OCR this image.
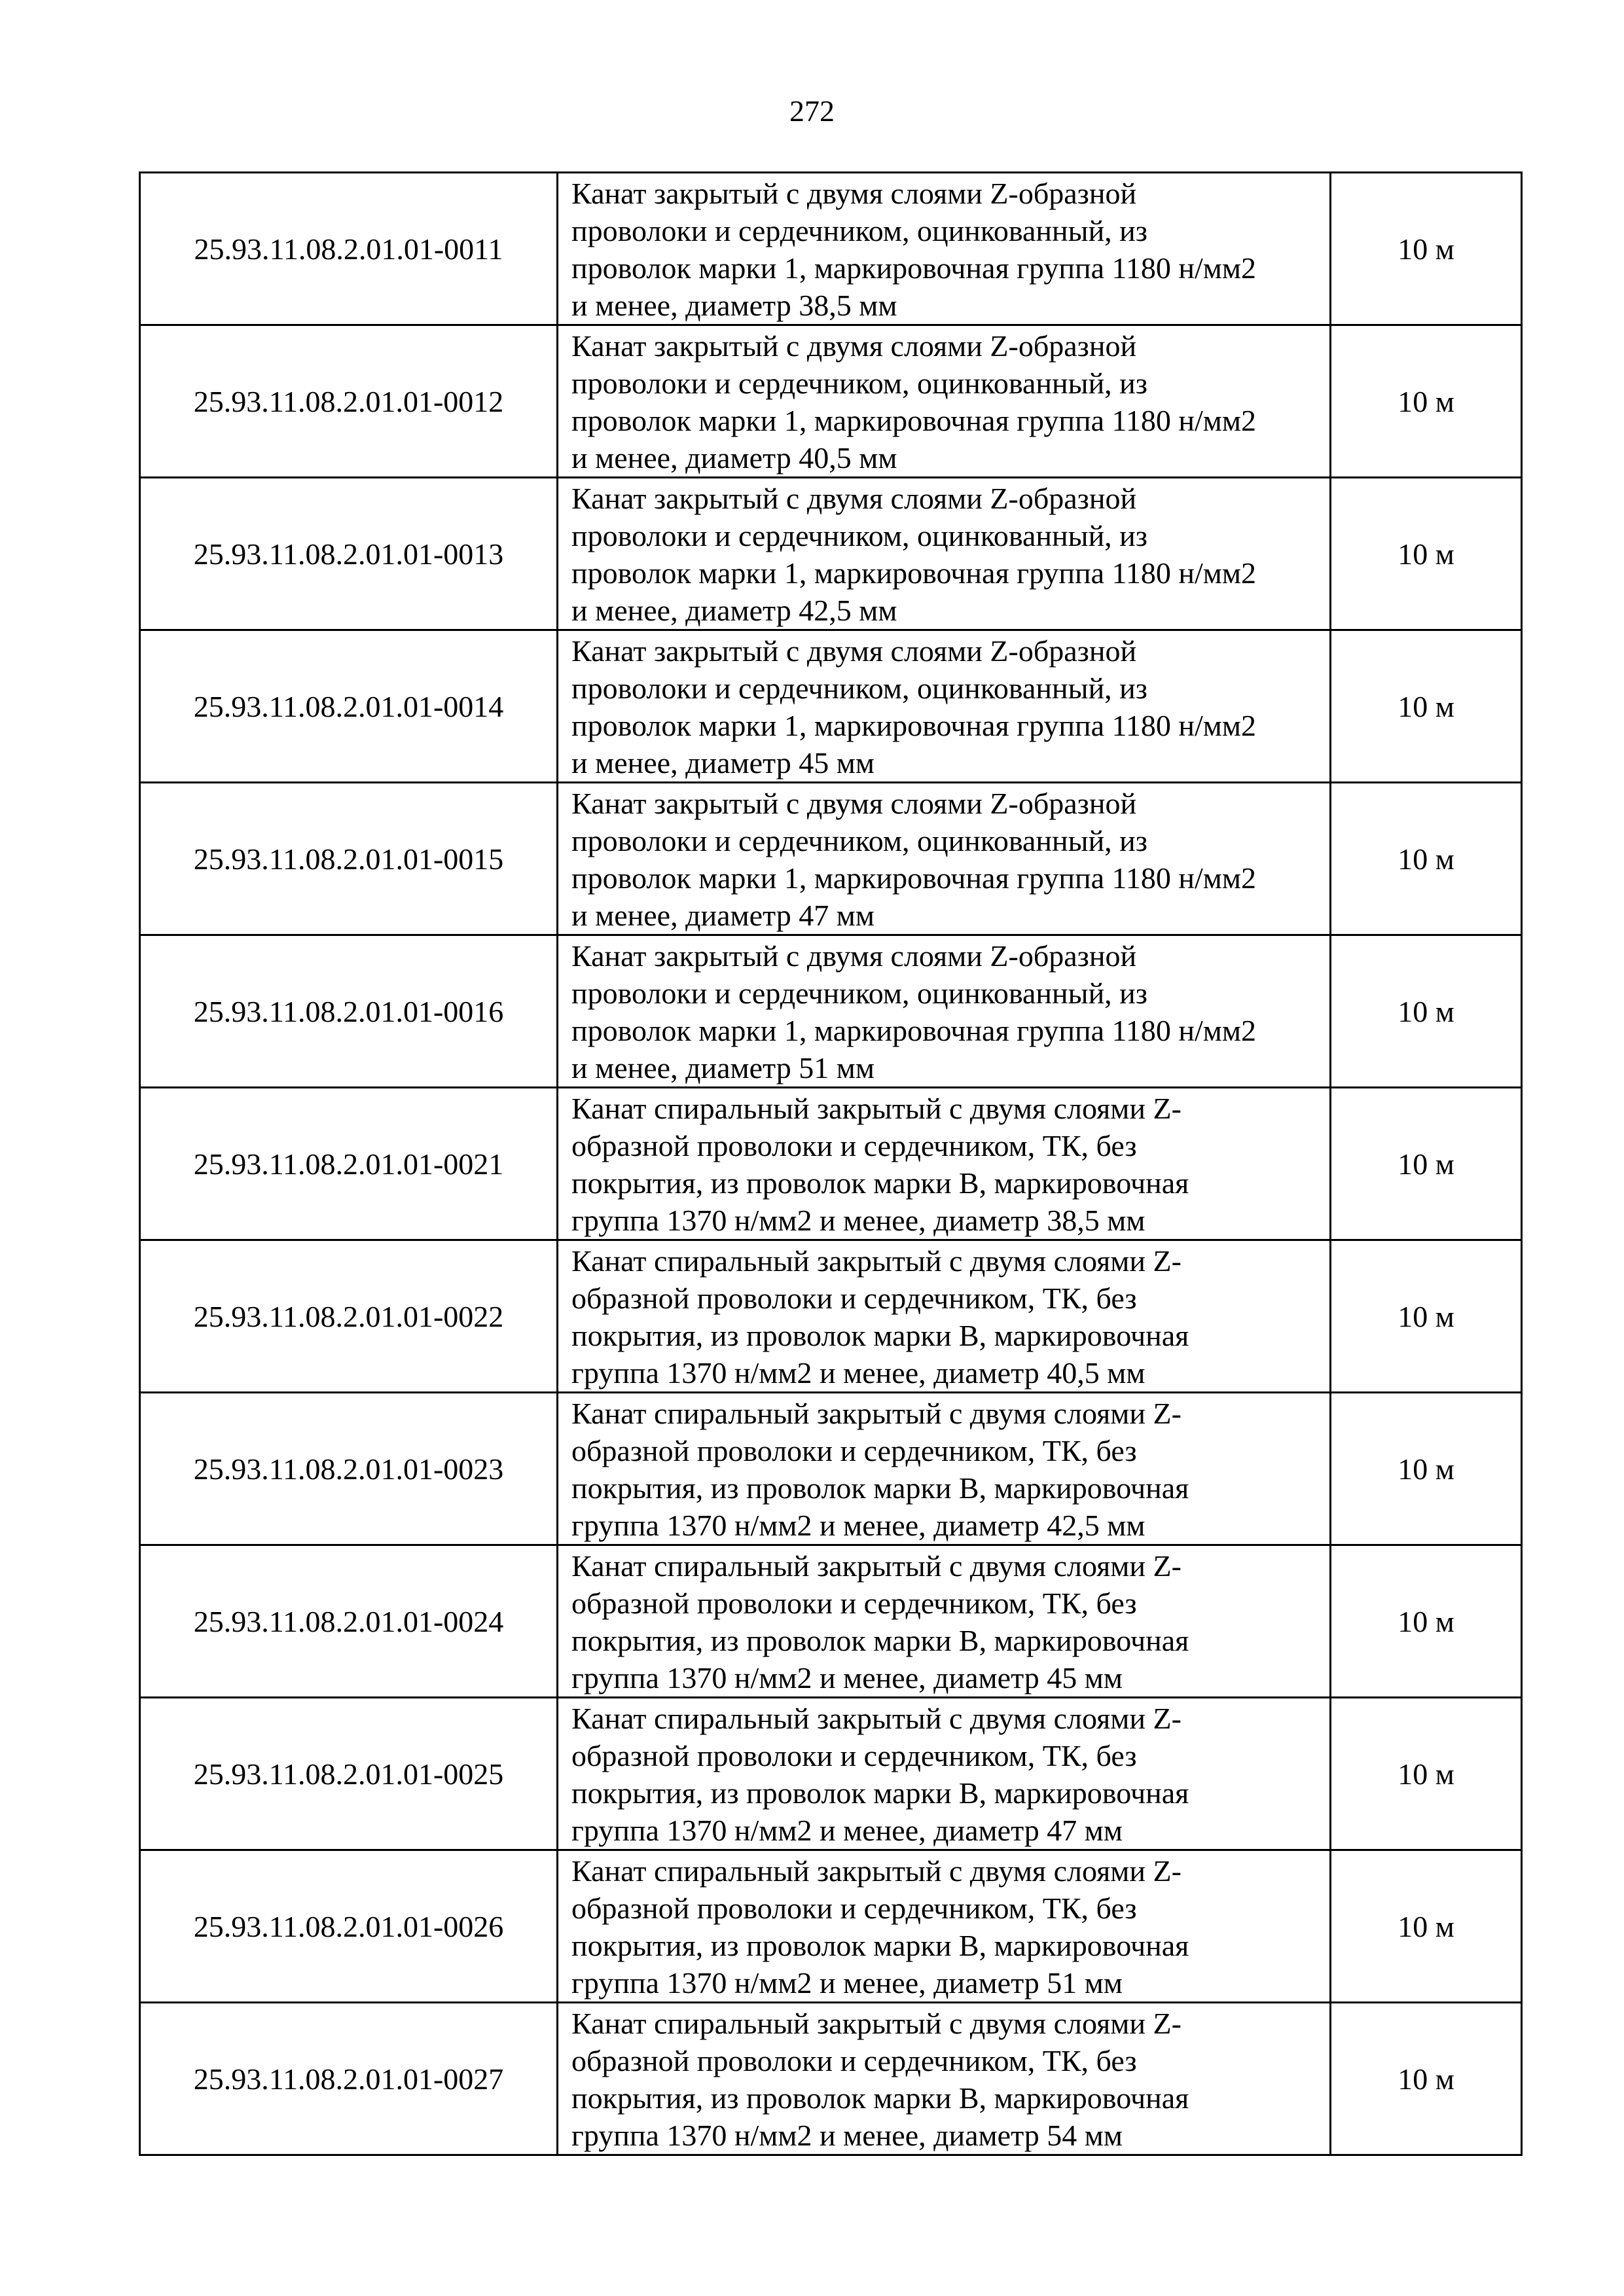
272
25.93.11.08.2.01.01-0011	Канат закрытый с двумя слоями Z-образной
проволоки и сердечником, оцинкованный, из
проволок марки 1, маркировочная группа 1180 н/мм2
и менее, диаметр 38,5 мм	10 м
25.93.11.08.2.01.01-0012	Канат закрытый с двумя слоями Z-образной
проволоки и сердечником, оцинкованный, из
проволок марки 1, маркировочная группа 1180 н/мм2
и менее, диаметр 40,5 мм	10 м
25.93.11.08.2.01.01-0013	Канат закрытый с двумя слоями Z-образной
проволоки и сердечником, оцинкованный, из
проволок марки 1, маркировочная группа 1180 н/мм2
и менее, диаметр 42,5 мм	10 м
25.93.11.08.2.01.01-0014	Канат закрытый с двумя слоями Z-образной
проволоки и сердечником, оцинкованный, из
проволок марки 1, маркировочная группа 1180 н/мм2
и менее, диаметр 45 мм	10 м
25.93.11.08.2.01.01-0015	Канат закрытый с двумя слоями Z-образной
проволоки и сердечником, оцинкованный, из
проволок марки 1, маркировочная группа 1180 н/мм2
и менее, диаметр 47 мм	10 м
25.93.11.08.2.01.01-0016	Канат закрытый с двумя слоями Z-образной
проволоки и сердечником, оцинкованный, из
проволок марки 1, маркировочная группа 1180 н/мм2
и менее, диаметр 51 мм	10 м
25.93.11.08.2.01.01-0021	Канат спиральный закрытый с двумя слоями Z-
образной проволоки и сердечником, ТК, без
покрытия, из проволок марки В, маркировочная
группа 1370 н/мм2 и менее, диаметр 38,5 мм	10 м
25.93.11.08.2.01.01-0022	Канат спиральный закрытый с двумя слоями Z-
образной проволоки и сердечником, ТК, без
покрытия, из проволок марки В, маркировочная
группа 1370 н/мм2 и менее, диаметр 40,5 мм	10 м
25.93.11.08.2.01.01-0023	Канат спиральный закрытый с двумя слоями Z-
образной проволоки и сердечником, ТК, без
покрытия, из проволок марки В, маркировочная
группа 1370 н/мм2 и менее, диаметр 42,5 мм	10 м
25.93.11.08.2.01.01-0024	Канат спиральный закрытый с двумя слоями Z-
образной проволоки и сердечником, ТК, без
покрытия, из проволок марки В, маркировочная
группа 1370 н/мм2 и менее, диаметр 45 мм	10 м
25.93.11.08.2.01.01-0025	Канат спиральный закрытый с двумя слоями Z-
образной проволоки и сердечником, ТК, без
покрытия, из проволок марки В, маркировочная
группа 1370 н/мм2 и менее, диаметр 47 мм	10 м
25.93.11.08.2.01.01-0026	Канат спиральный закрытый с двумя слоями Z-
образной проволоки и сердечником, ТК, без
покрытия, из проволок марки В, маркировочная
группа 1370 н/мм2 и менее, диаметр 51 мм	10 м
25.93.11.08.2.01.01-0027	Канат спиральный закрытый с двумя слоями Z-
образной проволоки и сердечником, ТК, без
покрытия, из проволок марки В, маркировочная
группа 1370 н/мм2 и менее, диаметр 54 мм	10 м
